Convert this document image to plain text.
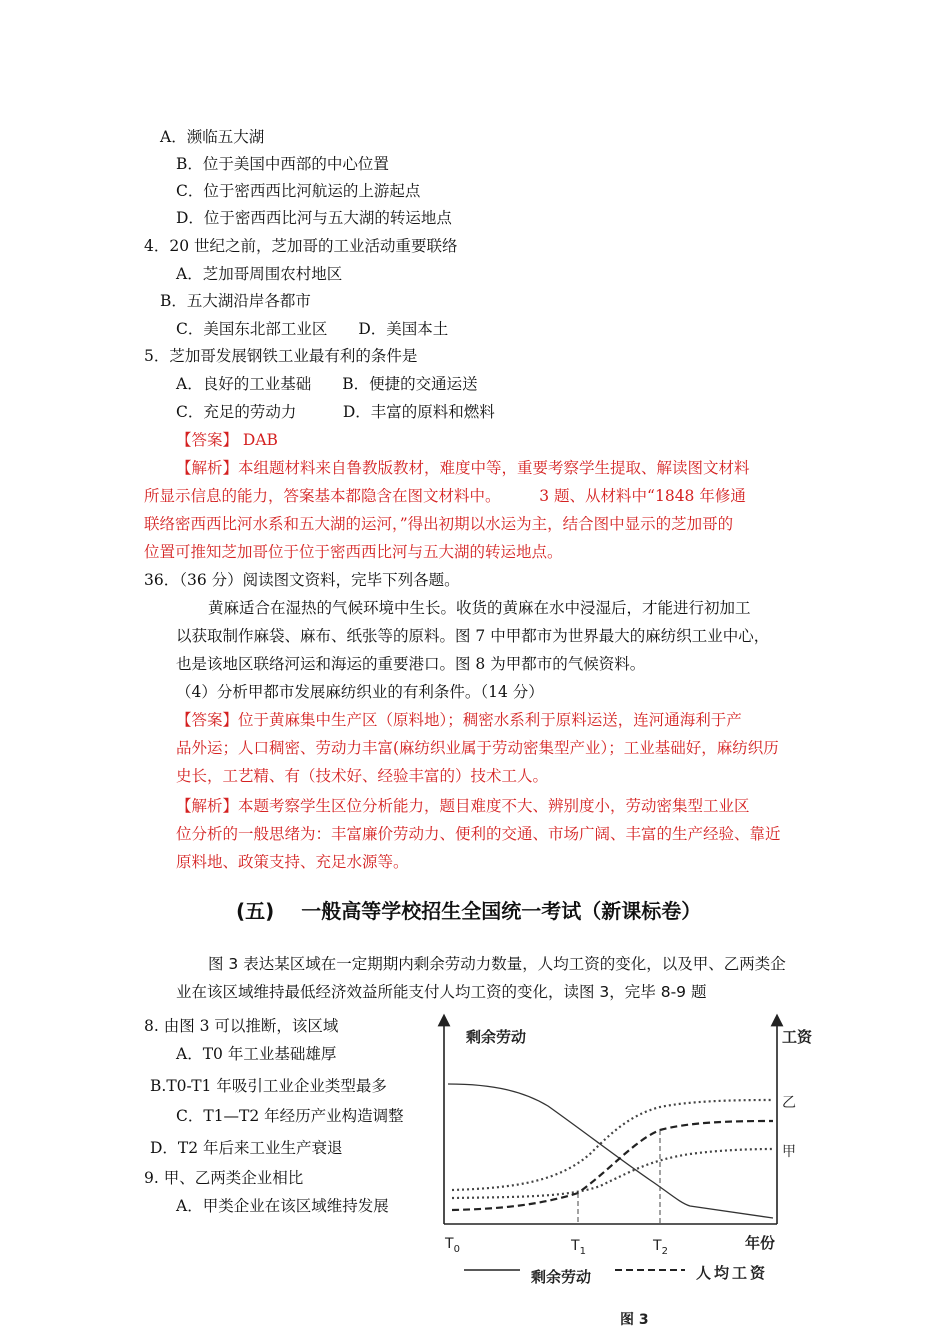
A．濒临五大湖
B．位于美国中西部的中心位置
C．位于密西西比河航运的上游起点
D．位于密西西比河与五大湖的转运地点
4．20 世纪之前，芝加哥的工业活动重要联络
A．芝加哥周围农村地区
B．五大湖沿岸各都市
C．美国东北部工业区　　D．美国本土
5．芝加哥发展钢铁工业最有利的条件是
A．良好的工业基础　　B．便捷的交通运送
C．充足的劳动力　　　D．丰富的原料和燃料
【答案】 DAB
【解析】本组题材料来自鲁教版教材，难度中等，重要考察学生提取、解读图文材料
所显示信息的能力，答案基本都隐含在图文材料中。　　　3 题、从材料中“1848 年修通
联络密西西比河水系和五大湖的运河，”得出初期以水运为主，结合图中显示的芝加哥的
位置可推知芝加哥位于位于密西西比河与五大湖的转运地点。
36．（36 分）阅读图文资料，完毕下列各题。
黄麻适合在湿热的气候环境中生长。收货的黄麻在水中浸湿后，才能进行初加工
以获取制作麻袋、麻布、纸张等的原料。图 7 中甲都市为世界最大的麻纺织工业中心，
也是该地区联络河运和海运的重要港口。图 8 为甲都市的气候资料。
（4）分析甲都市发展麻纺织业的有利条件。（14 分）
【答案】位于黄麻集中生产区（原料地）；稠密水系利于原料运送，连河通海利于产
品外运；人口稠密、劳动力丰富(麻纺织业属于劳动密集型产业）；工业基础好，麻纺织历
史长，工艺精、有（技术好、经验丰富的）技术工人。
【解析】本题考察学生区位分析能力，题目难度不大、辨别度小，劳动密集型工业区
位分析的一般思绪为：丰富廉价劳动力、便利的交通、市场广阔、丰富的生产经验、靠近
原料地、政策支持、充足水源等。
(五)　 一般高等学校招生全国统一考试（新课标卷）
图 3 表达某区域在一定期期内剩余劳动力数量，人均工资的变化，以及甲、乙两类企
业在该区域维持最低经济效益所能支付人均工资的变化，读图 3，完毕 8-9 题
8. 由图 3 可以推断，该区域
A．T0 年工业基础雄厚
B.T0-T1 年吸引工业企业类型最多
C．T1—T2 年经历产业构造调整
D．T2 年后来工业生产衰退
9. 甲、乙两类企业相比
A．甲类企业在该区域维持发展
剩余劳动	工资
乙
甲
$T_0$	$T_1$	$T_2$	年份
剩余劳动	人均工资
图 3
